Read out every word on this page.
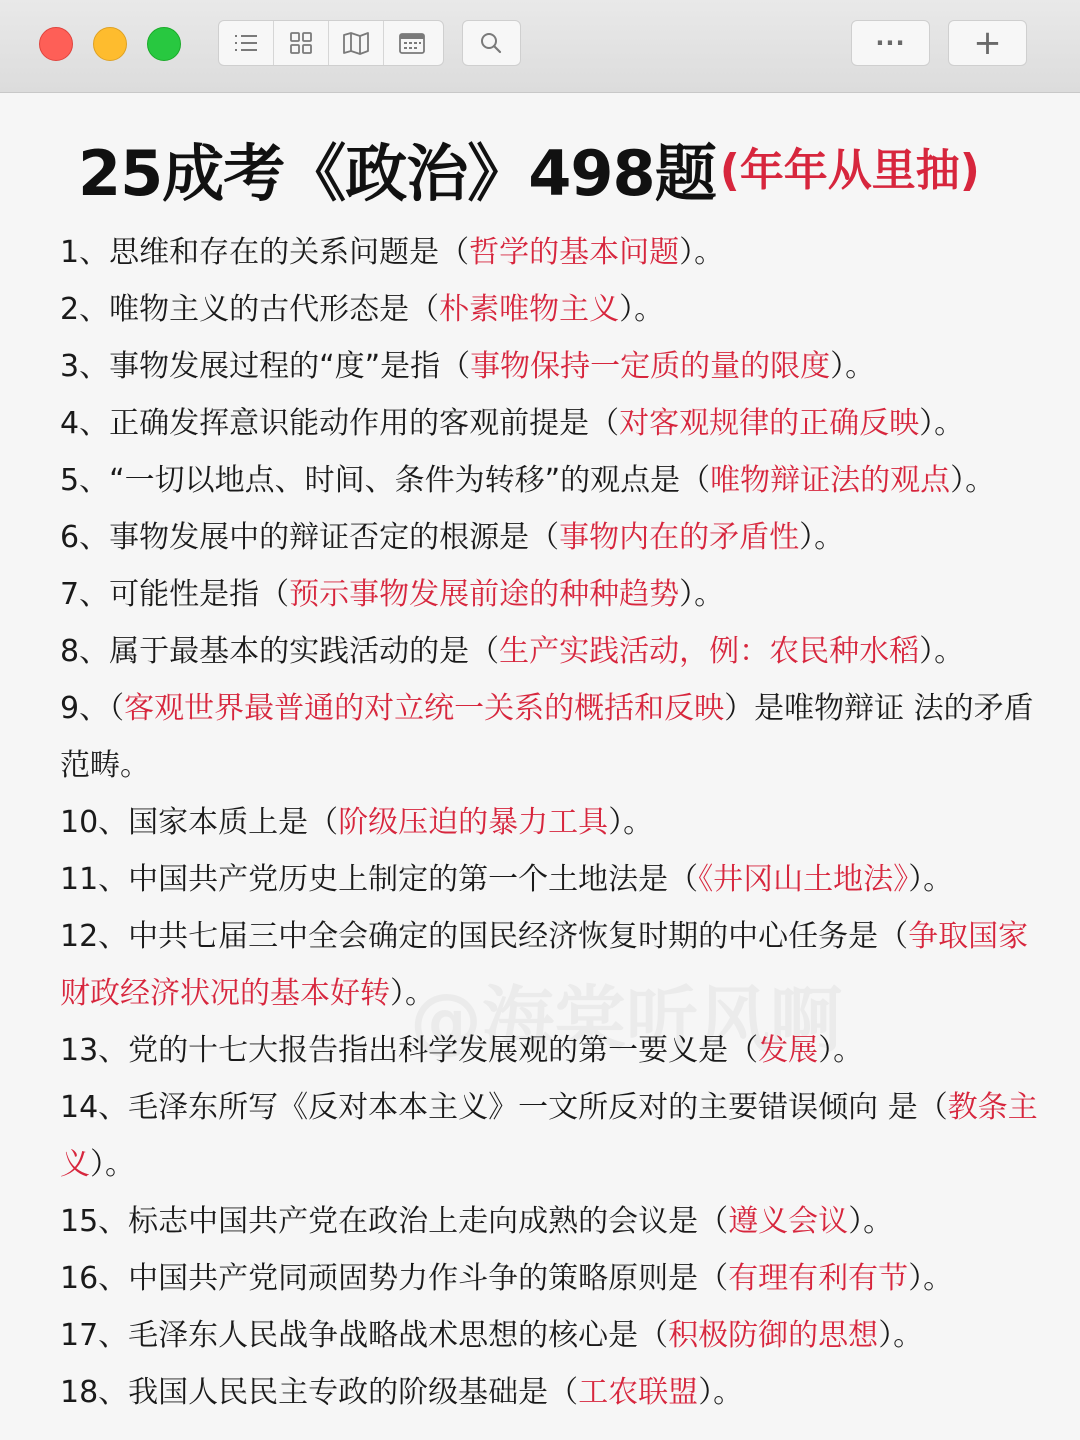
··· +
25成考《政治》498题(年年从里抽)
1、思维和存在的关系问题是（哲学的基本问题）。
2、唯物主义的古代形态是（朴素唯物主义）。
3、事物发展过程的“度”是指（事物保持一定质的量的限度）。
4、正确发挥意识能动作用的客观前提是（对客观规律的正确反映）。
5、“一切以地点、时间、条件为转移”的观点是（唯物辩证法的观点）。
6、事物发展中的辩证否定的根源是（事物内在的矛盾性）。
7、可能性是指（预示事物发展前途的种种趋势）。
8、属于最基本的实践活动的是（生产实践活动，例：农民种水稻）。
9、（客观世界最普通的对立统一关系的概括和反映）是唯物辩证 法的矛盾范畴。
10、国家本质上是（阶级压迫的暴力工具）。
11、中国共产党历史上制定的第一个土地法是（《井冈山土地法》）。
12、中共七届三中全会确定的国民经济恢复时期的中心任务是（争取国家财政经济状况的基本好转）。
13、党的十七大报告指出科学发展观的第一要义是（发展）。
14、毛泽东所写《反对本本主义》一文所反对的主要错误倾向 是（教条主义）。
15、标志中国共产党在政治上走向成熟的会议是（遵义会议）。
16、中国共产党同顽固势力作斗争的策略原则是（有理有利有节）。
17、毛泽东人民战争战略战术思想的核心是（积极防御的思想）。
18、我国人民民主专政的阶级基础是（工农联盟）。
